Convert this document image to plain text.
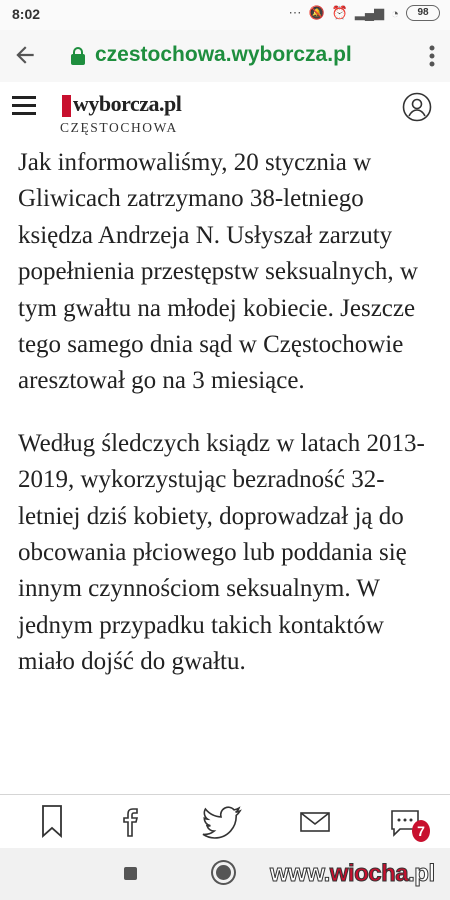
8:02	⋯ 🔕 ⏰ ▂▄▆ ◔	98
czestochowa.wyborcza.pl
wyborcza.pl
CZĘSTOCHOWA

Jak informowaliśmy, 20 stycznia w Gliwicach zatrzymano 38-letniego księdza Andrzeja N. Usłyszał zarzuty popełnienia przestępstw seksualnych, w tym gwałtu na młodej kobiecie. Jeszcze tego samego dnia sąd w Częstochowie aresztował go na 3 miesiące.

Według śledczych ksiądz w latach 2013-2019, wykorzystując bezradność 32-letniej dziś kobiety, doprowadzał ją do obcowania płciowego lub poddania się innym czynnościom seksualnym. W jednym przypadku takich kontaktów miało dojść do gwałtu.

7
www.wiocha.pl
